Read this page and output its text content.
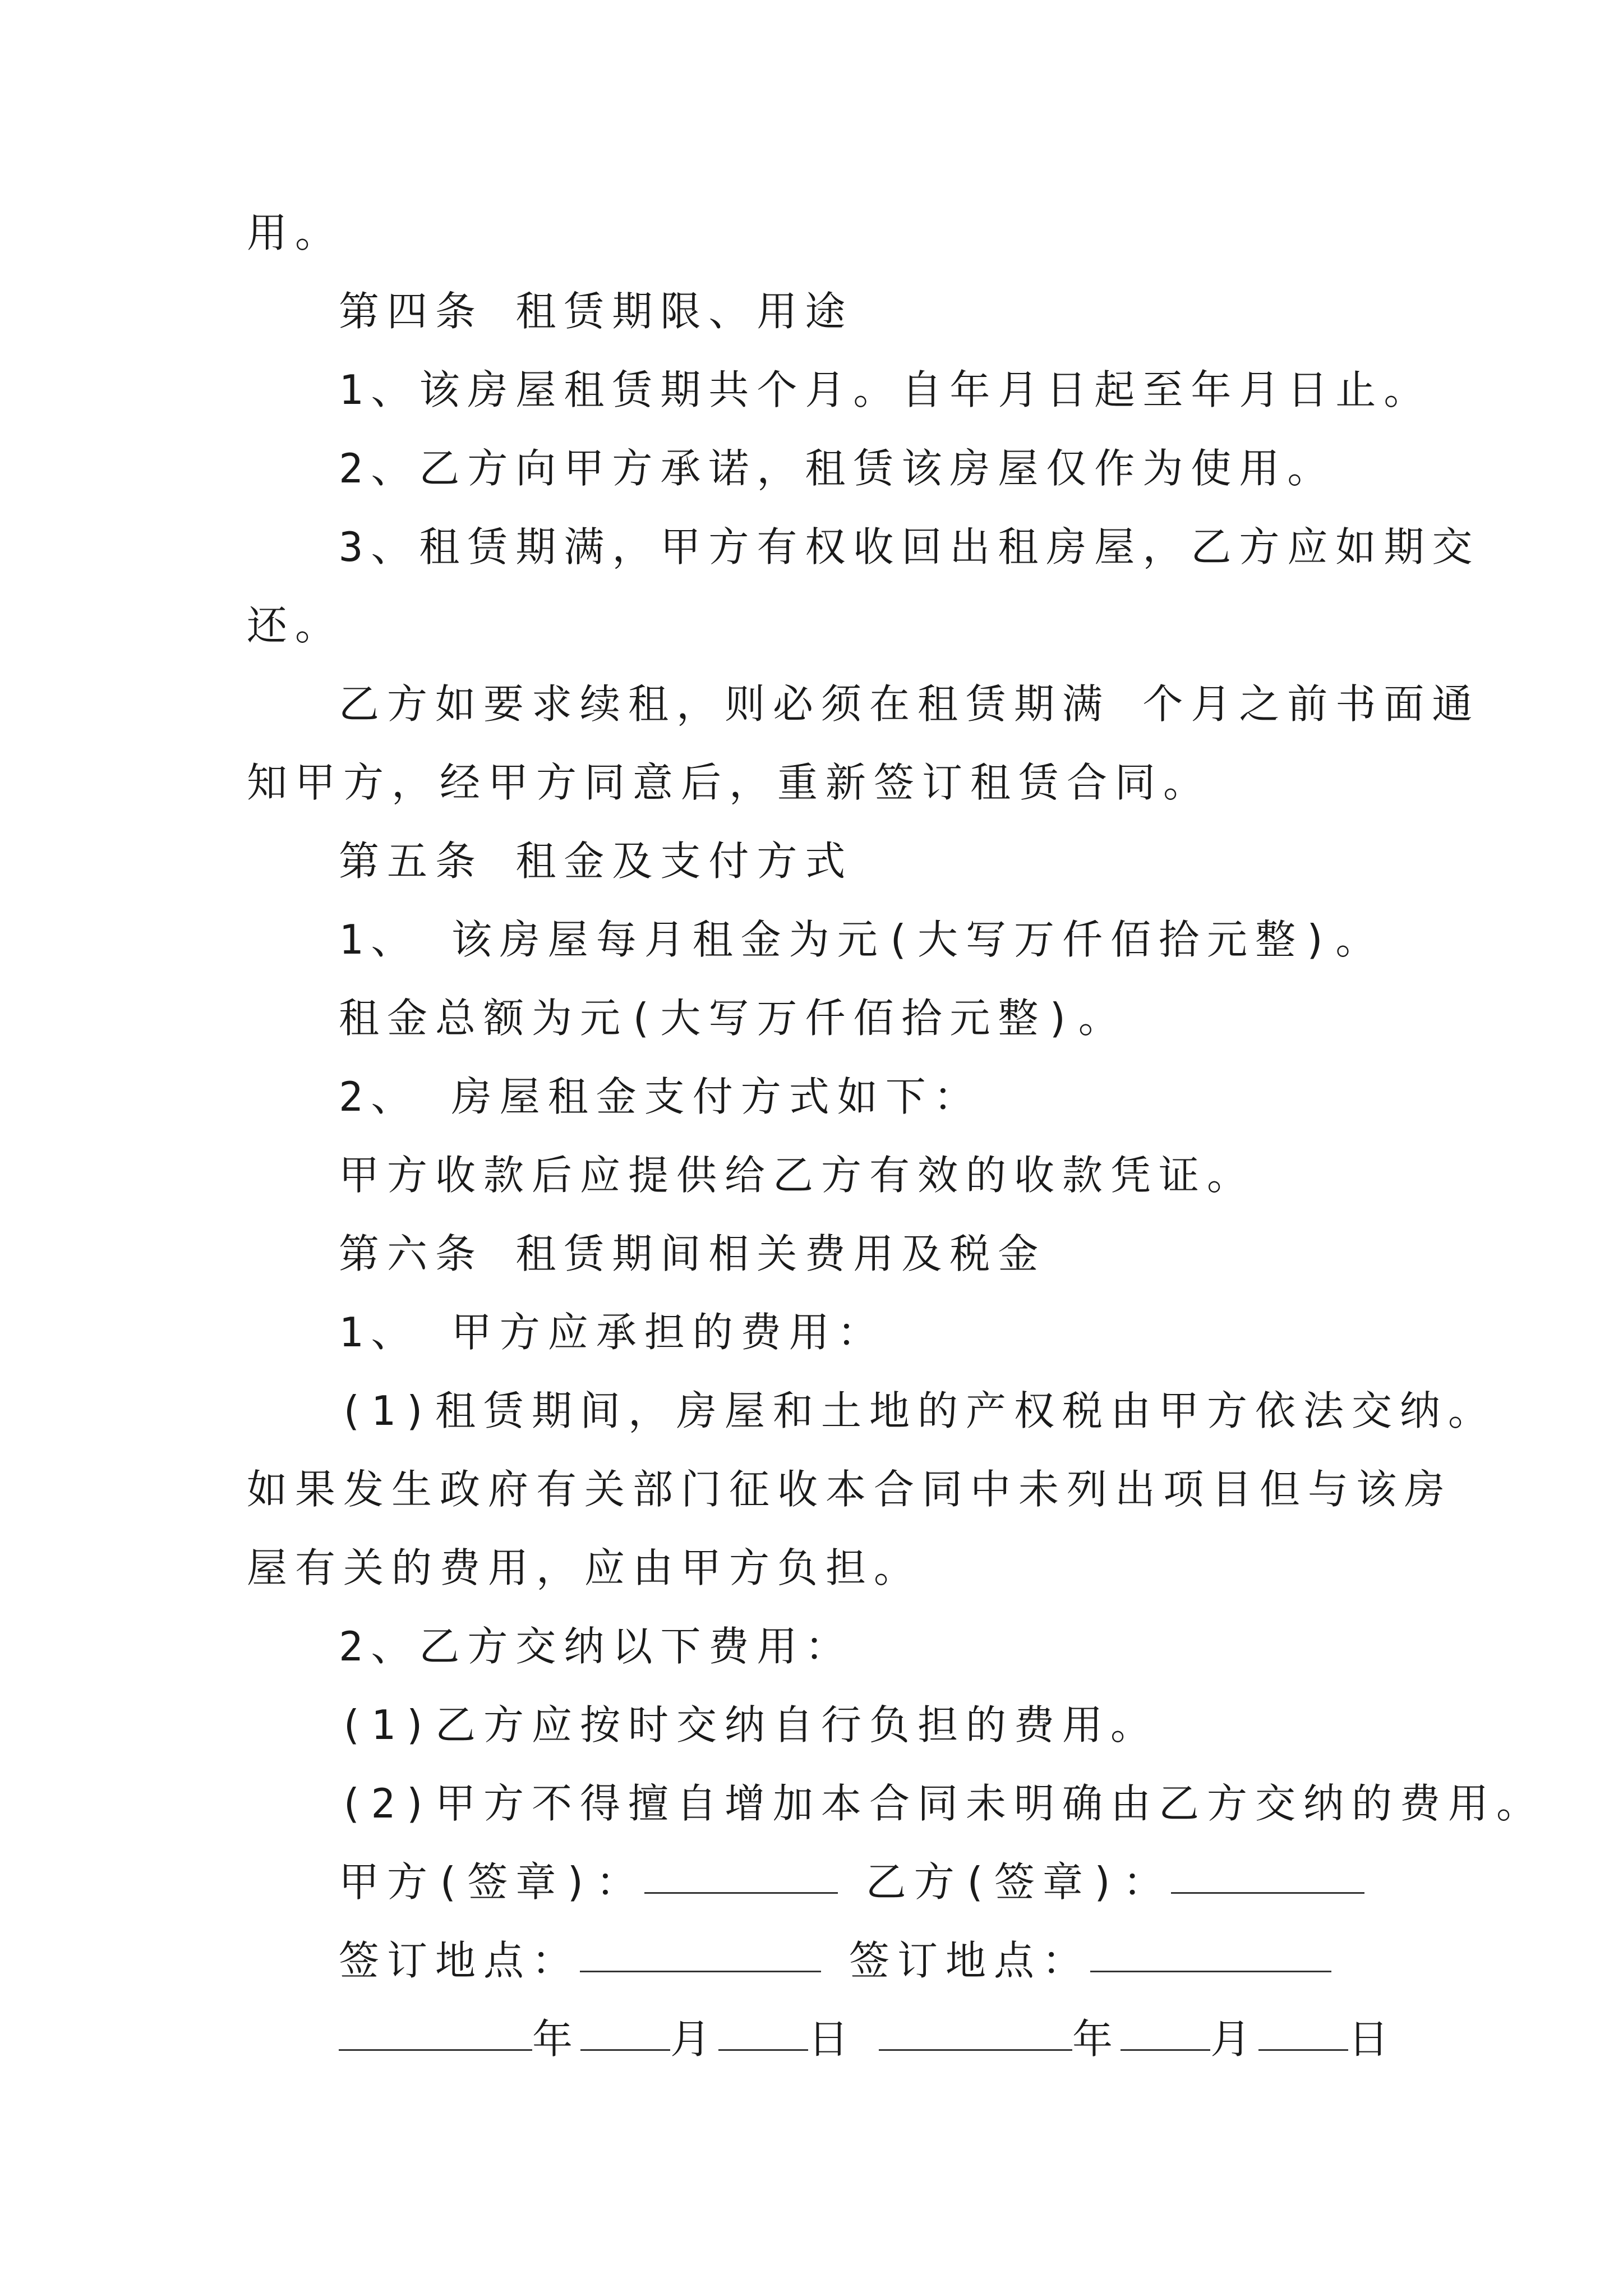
用。
第四条 租赁期限、用途
1、该房屋租赁期共个月。自年月日起至年月日止。
2、乙方向甲方承诺，租赁该房屋仅作为使用。
3、租赁期满，甲方有权收回出租房屋，乙方应如期交
还。
乙方如要求续租，则必须在租赁期满 个月之前书面通
知甲方，经甲方同意后，重新签订租赁合同。
第五条 租金及支付方式
1、 该房屋每月租金为元(大写万仟佰拾元整)。
租金总额为元(大写万仟佰拾元整)。
2、 房屋租金支付方式如下：
甲方收款后应提供给乙方有效的收款凭证。
第六条 租赁期间相关费用及税金
1、 甲方应承担的费用：
(1)租赁期间，房屋和土地的产权税由甲方依法交纳。
如果发生政府有关部门征收本合同中未列出项目但与该房
屋有关的费用，应由甲方负担。
2、乙方交纳以下费用：
(1)乙方应按时交纳自行负担的费用。
(2)甲方不得擅自增加本合同未明确由乙方交纳的费用。
甲方(签章)：	乙方(签章)：
签订地点：	签订地点：
年 月 日	年 月 日
